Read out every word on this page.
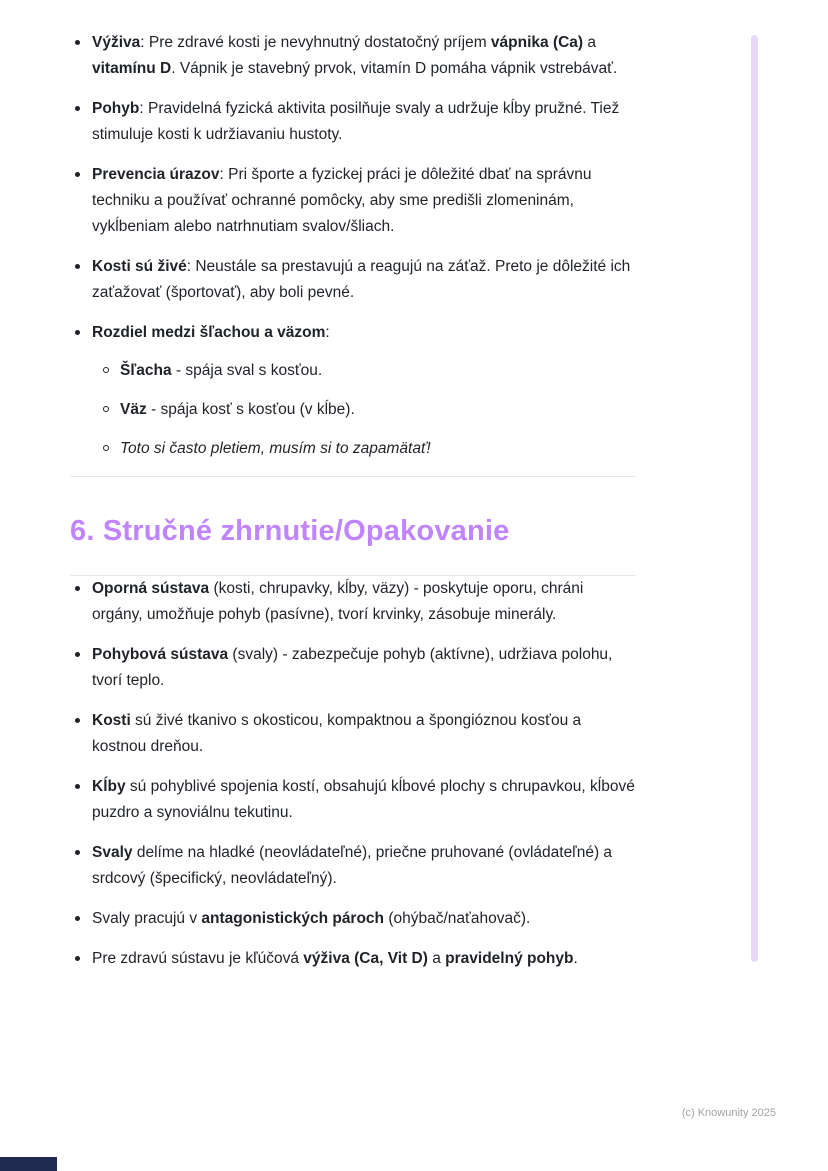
Výživa: Pre zdravé kosti je nevyhnutný dostatočný príjem vápnika (Ca) a vitamínu D. Vápnik je stavebný prvok, vitamín D pomáha vápnik vstrebávať.
Pohyb: Pravidelná fyzická aktivita posilňuje svaly a udržuje kĺby pružné. Tiež stimuluje kosti k udržiavaniu hustoty.
Prevencia úrazov: Pri športe a fyzickej práci je dôležité dbať na správnu techniku a používať ochranné pomôcky, aby sme predišli zlomeninám, vykĺbeniam alebo natrhnutiam svalov/šliach.
Kosti sú živé: Neustále sa prestavujú a reagujú na záťaž. Preto je dôležité ich zaťažovať (športovať), aby boli pevné.
Rozdiel medzi šľachou a väzom:
Šľacha - spája sval s kosťou.
Väz - spája kosť s kosťou (v kĺbe).
Toto si často pletiem, musím si to zapamätať!
6. Stručné zhrnutie/Opakovanie
Oporná sústava (kosti, chrupavky, kĺby, väzy) - poskytuje oporu, chráni orgány, umožňuje pohyb (pasívne), tvorí krvinky, zásobuje minerály.
Pohybová sústava (svaly) - zabezpečuje pohyb (aktívne), udržiava polohu, tvorí teplo.
Kosti sú živé tkanivo s okosticou, kompaktnou a špongióznou kosťou a kostnou dreňou.
Kĺby sú pohyblivé spojenia kostí, obsahujú kĺbové plochy s chrupavkou, kĺbové puzdro a synoviálnu tekutinu.
Svaly delíme na hladké (neovládateľné), priečne pruhované (ovládateľné) a srdcový (špecifický, neovládateľný).
Svaly pracujú v antagonistických pároch (ohýbač/naťahovač).
Pre zdravú sústavu je kľúčová výživa (Ca, Vit D) a pravidelný pohyb.
(c) Knowunity 2025
